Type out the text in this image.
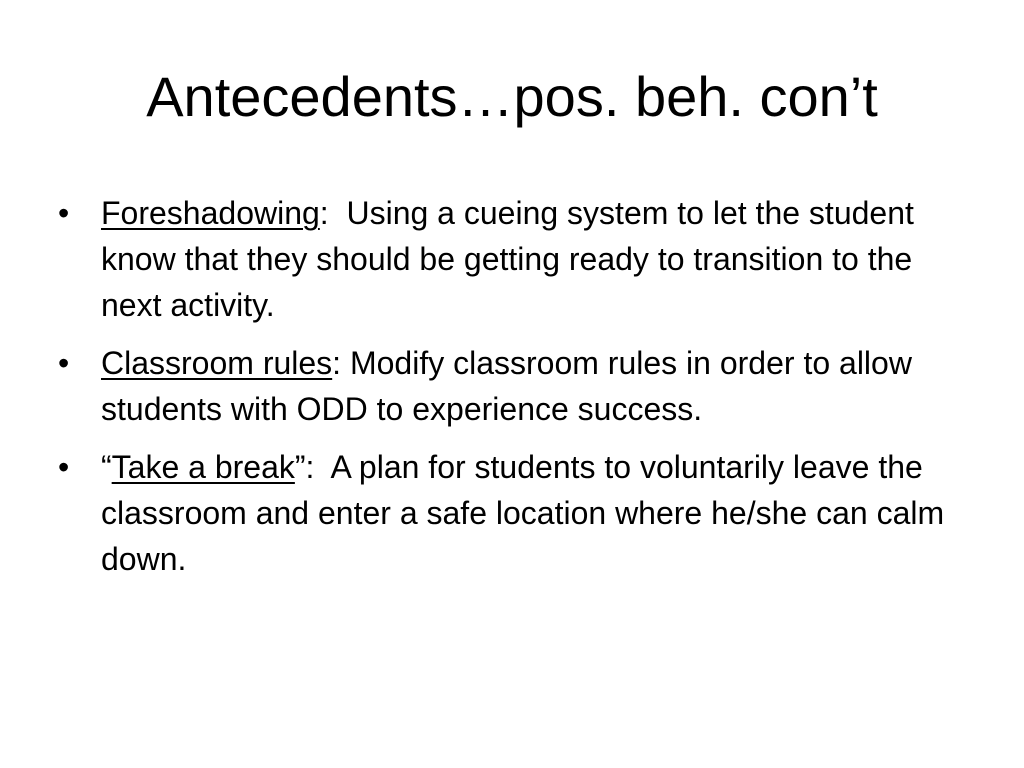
Antecedents…pos. beh. con’t
• Foreshadowing:  Using a cueing system to let the student know that they should be getting ready to transition to the next activity.
• Classroom rules: Modify classroom rules in order to allow students with ODD to experience success.
• “Take a break”:  A plan for students to voluntarily leave the classroom and enter a safe location where he/she can calm down.
